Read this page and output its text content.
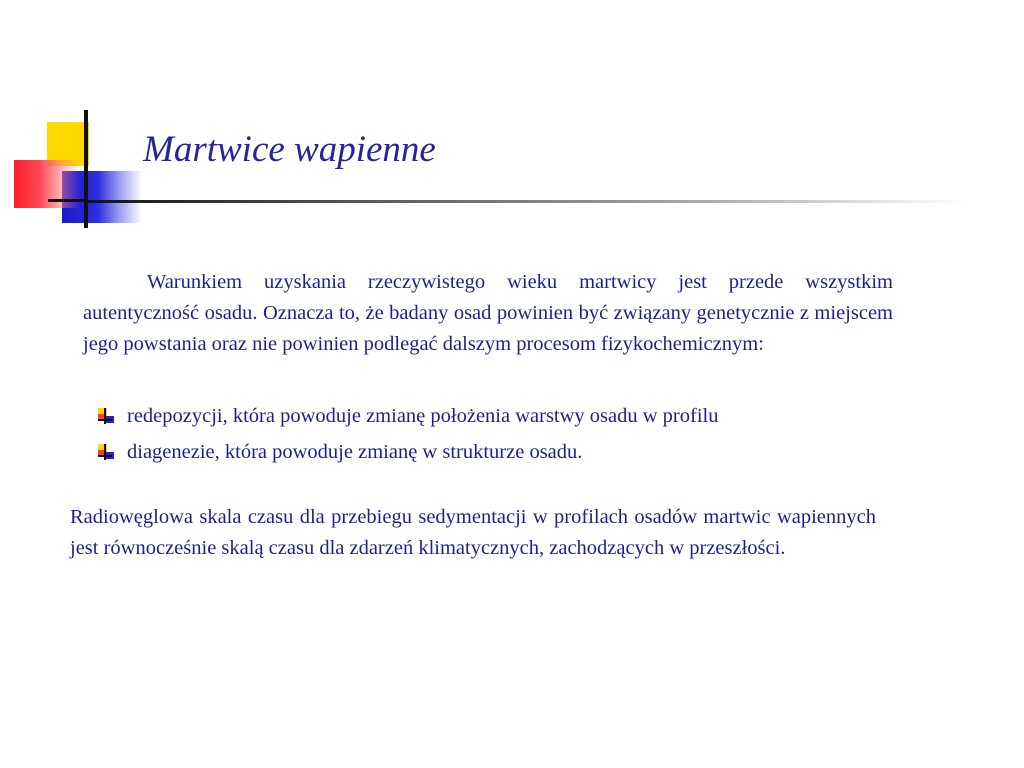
Martwice wapienne
Warunkiem uzyskania rzeczywistego wieku martwicy jest przede wszystkim autentyczność osadu. Oznacza to, że badany osad powinien być związany genetycznie z miejscem jego powstania oraz nie powinien podlegać dalszym procesom fizykochemicznym:
redepozycji, która powoduje zmianę położenia warstwy osadu w profilu
diagenezie, która powoduje zmianę w strukturze osadu.
Radiowęglowa skala czasu dla przebiegu sedymentacji w profilach osadów martwic wapiennych jest równocześnie skalą czasu dla zdarzeń klimatycznych, zachodzących w przeszłości.
